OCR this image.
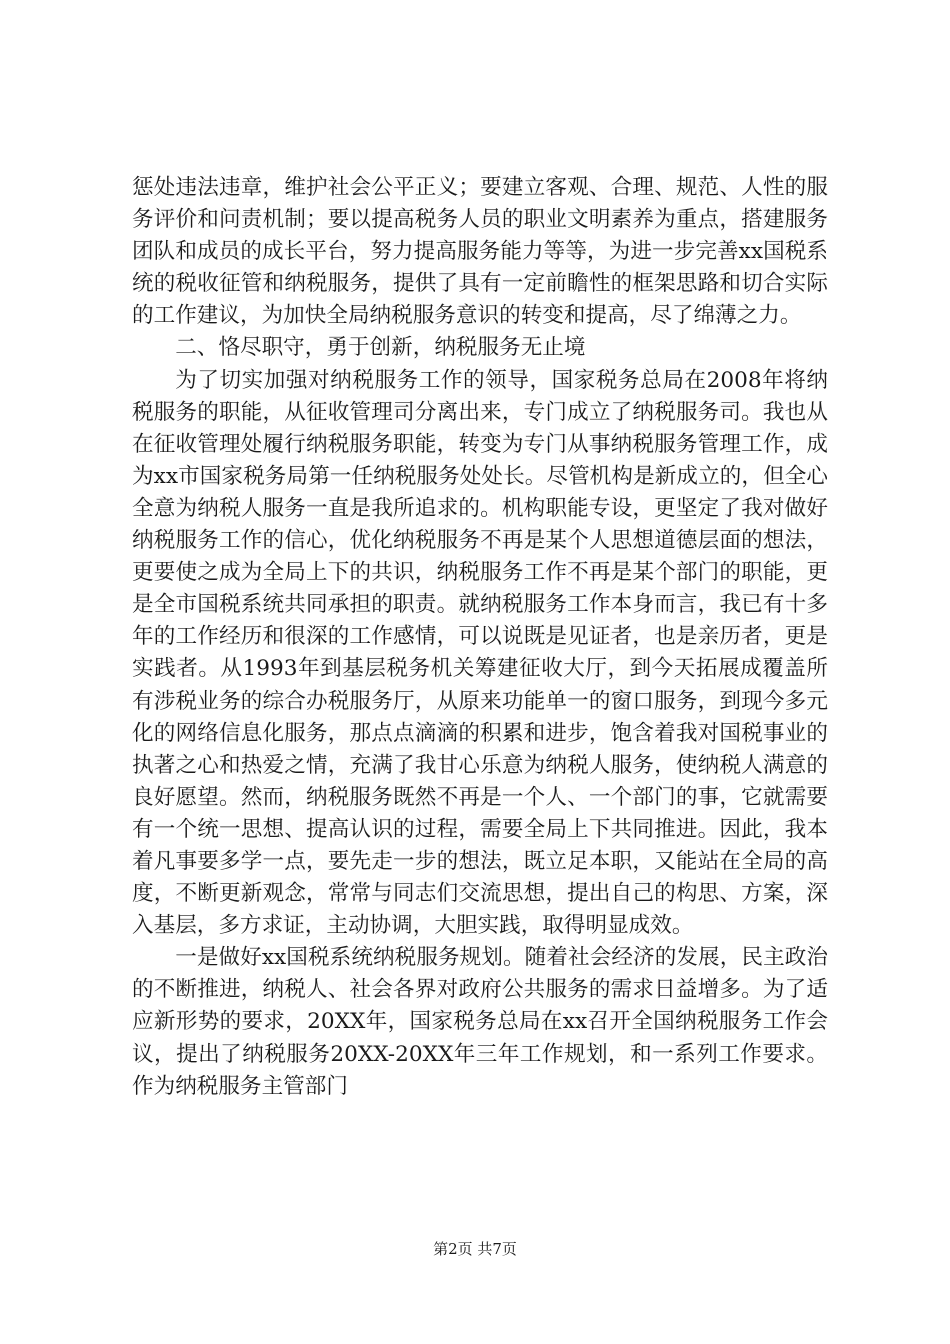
惩处违法违章，维护社会公平正义；要建立客观、合理、规范、人性的服务评价和问责机制；要以提高税务人员的职业文明素养为重点，搭建服务团队和成员的成长平台，努力提高服务能力等等，为进一步完善xx国税系统的税收征管和纳税服务，提供了具有一定前瞻性的框架思路和切合实际的工作建议，为加快全局纳税服务意识的转变和提高，尽了绵薄之力。

二、恪尽职守，勇于创新，纳税服务无止境

为了切实加强对纳税服务工作的领导，国家税务总局在2008年将纳税服务的职能，从征收管理司分离出来，专门成立了纳税服务司。我也从在征收管理处履行纳税服务职能，转变为专门从事纳税服务管理工作，成为xx市国家税务局第一任纳税服务处处长。尽管机构是新成立的，但全心全意为纳税人服务一直是我所追求的。机构职能专设，更坚定了我对做好纳税服务工作的信心，优化纳税服务不再是某个人思想道德层面的想法，更要使之成为全局上下的共识，纳税服务工作不再是某个部门的职能，更是全市国税系统共同承担的职责。就纳税服务工作本身而言，我已有十多年的工作经历和很深的工作感情，可以说既是见证者，也是亲历者，更是实践者。从1993年到基层税务机关筹建征收大厅，到今天拓展成覆盖所有涉税业务的综合办税服务厅，从原来功能单一的窗口服务，到现今多元化的网络信息化服务，那点点滴滴的积累和进步，饱含着我对国税事业的执著之心和热爱之情，充满了我甘心乐意为纳税人服务，使纳税人满意的良好愿望。然而，纳税服务既然不再是一个人、一个部门的事，它就需要有一个统一思想、提高认识的过程，需要全局上下共同推进。因此，我本着凡事要多学一点，要先走一步的想法，既立足本职，又能站在全局的高度，不断更新观念，常常与同志们交流思想，提出自己的构思、方案，深入基层，多方求证，主动协调，大胆实践，取得明显成效。

一是做好xx国税系统纳税服务规划。随着社会经济的发展，民主政治的不断推进，纳税人、社会各界对政府公共服务的需求日益增多。为了适应新形势的要求，20XX年，国家税务总局在xx召开全国纳税服务工作会议，提出了纳税服务20XX-20XX年三年工作规划，和一系列工作要求。作为纳税服务主管部门

第2页 共7页
